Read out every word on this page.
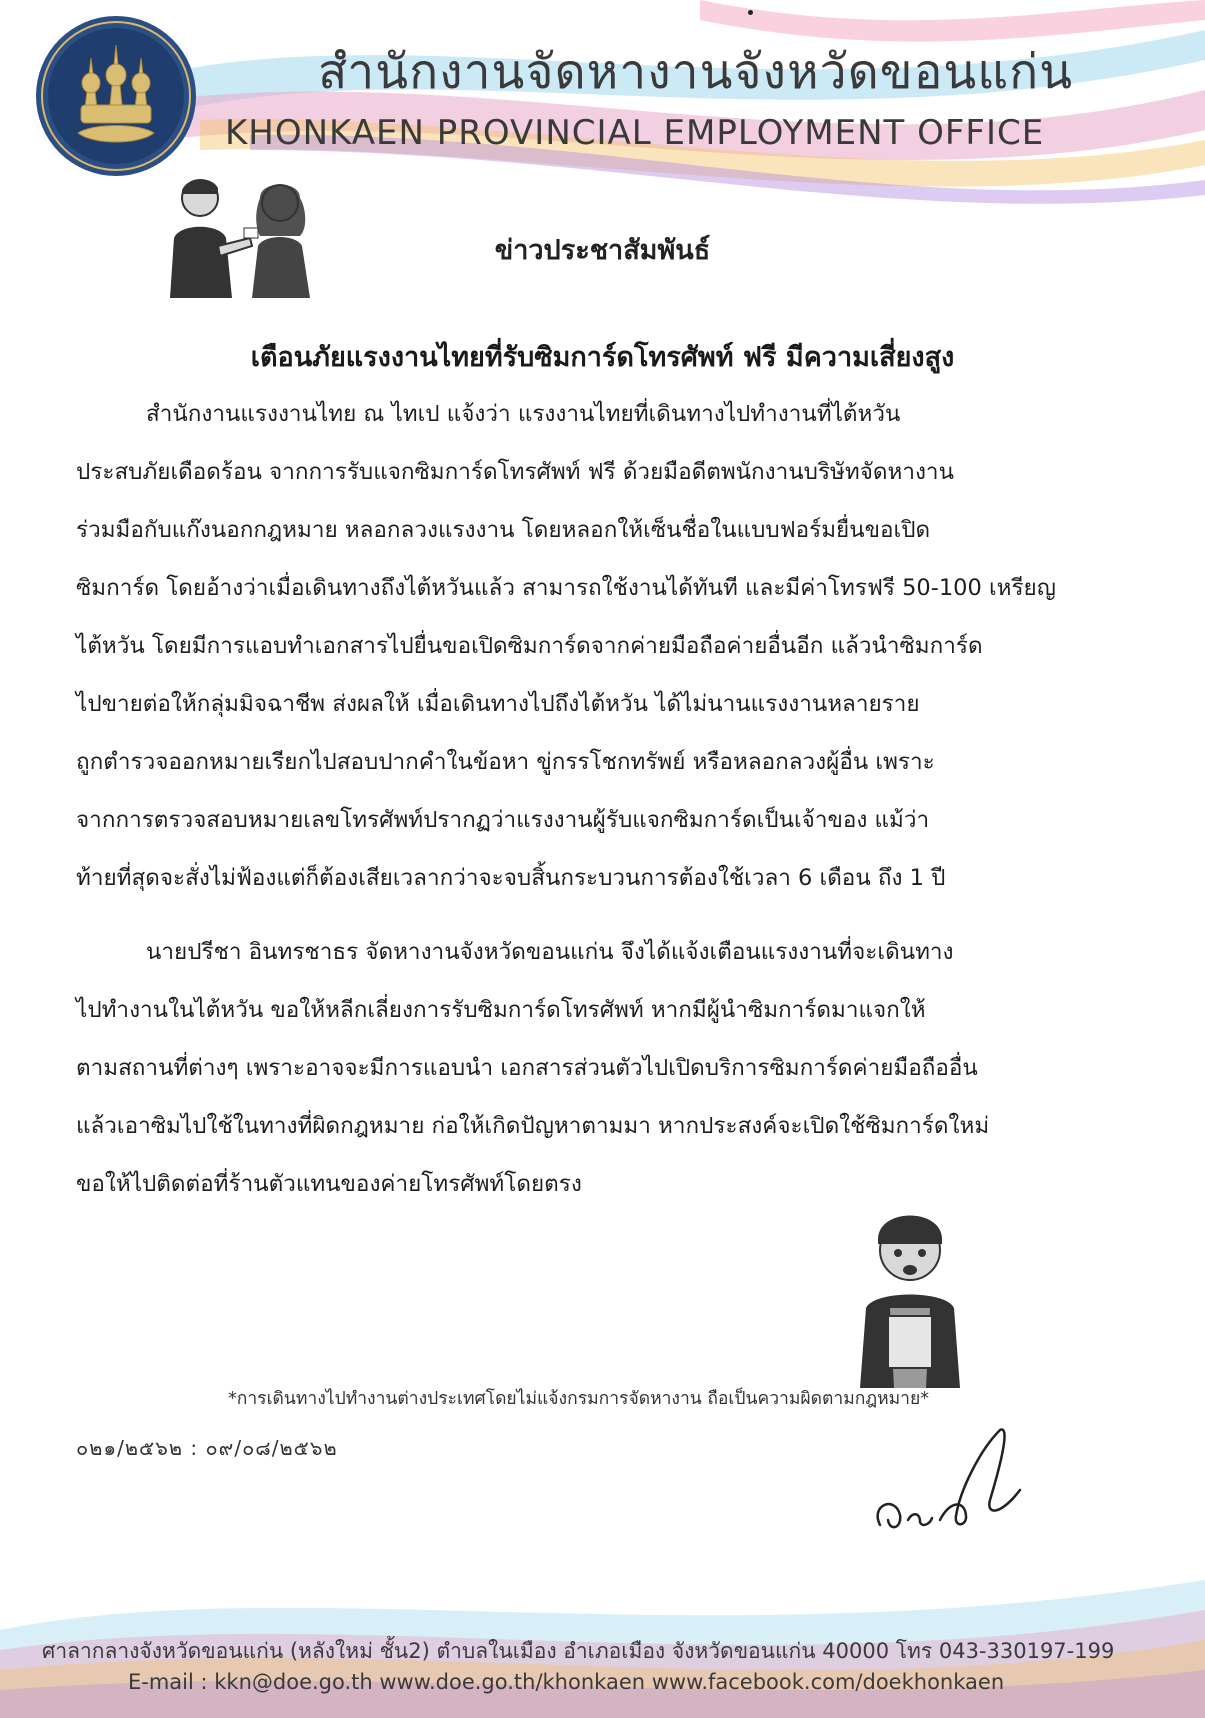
สำนักงานจัดหางานจังหวัดขอนแก่น
KHONKAEN PROVINCIAL EMPLOYMENT OFFICE
ข่าวประชาสัมพันธ์
เตือนภัยแรงงานไทยที่รับซิมการ์ดโทรศัพท์ ฟรี มีความเสี่ยงสูง
สำนักงานแรงงานไทย ณ ไทเป แจ้งว่า แรงงานไทยที่เดินทางไปทำงานที่ไต้หวัน
ประสบภัยเดือดร้อน จากการรับแจกซิมการ์ดโทรศัพท์ ฟรี ด้วยมือดีตพนักงานบริษัทจัดหางาน
ร่วมมือกับแก๊งนอกกฎหมาย หลอกลวงแรงงาน โดยหลอกให้เซ็นชื่อในแบบฟอร์มยื่นขอเปิด
ซิมการ์ด โดยอ้างว่าเมื่อเดินทางถึงไต้หวันแล้ว สามารถใช้งานได้ทันที และมีค่าโทรฟรี 50-100 เหรียญ
ไต้หวัน โดยมีการแอบทำเอกสารไปยื่นขอเปิดซิมการ์ดจากค่ายมือถือค่ายอื่นอีก แล้วนำซิมการ์ด
ไปขายต่อให้กลุ่มมิจฉาชีพ ส่งผลให้ เมื่อเดินทางไปถึงไต้หวัน ได้ไม่นานแรงงานหลายราย
ถูกตำรวจออกหมายเรียกไปสอบปากคำในข้อหา ขู่กรรโชกทรัพย์ หรือหลอกลวงผู้อื่น เพราะ
จากการตรวจสอบหมายเลขโทรศัพท์ปรากฏว่าแรงงานผู้รับแจกซิมการ์ดเป็นเจ้าของ แม้ว่า
ท้ายที่สุดจะสั่งไม่ฟ้องแต่ก็ต้องเสียเวลากว่าจะจบสิ้นกระบวนการต้องใช้เวลา 6 เดือน ถึง 1 ปี
นายปรีชา อินทรชาธร จัดหางานจังหวัดขอนแก่น จึงได้แจ้งเตือนแรงงานที่จะเดินทาง
ไปทำงานในไต้หวัน ขอให้หลีกเลี่ยงการรับซิมการ์ดโทรศัพท์ หากมีผู้นำซิมการ์ดมาแจกให้
ตามสถานที่ต่างๆ เพราะอาจจะมีการแอบนำ เอกสารส่วนตัวไปเปิดบริการซิมการ์ดค่ายมือถืออื่น
แล้วเอาซิมไปใช้ในทางที่ผิดกฎหมาย ก่อให้เกิดปัญหาตามมา หากประสงค์จะเปิดใช้ซิมการ์ดใหม่
ขอให้ไปติดต่อที่ร้านตัวแทนของค่ายโทรศัพท์โดยตรง
*การเดินทางไปทำงานต่างประเทศโดยไม่แจ้งกรมการจัดหางาน ถือเป็นความผิดตามกฎหมาย*
๐๒๑/๒๕๖๒ : ๐๙/๐๘/๒๕๖๒
ศาลากลางจังหวัดขอนแก่น (หลังใหม่ ชั้น2) ตำบลในเมือง อำเภอเมือง จังหวัดขอนแก่น 40000 โทร 043-330197-199
E-mail : kkn@doe.go.th www.doe.go.th/khonkaen www.facebook.com/doekhonkaen
